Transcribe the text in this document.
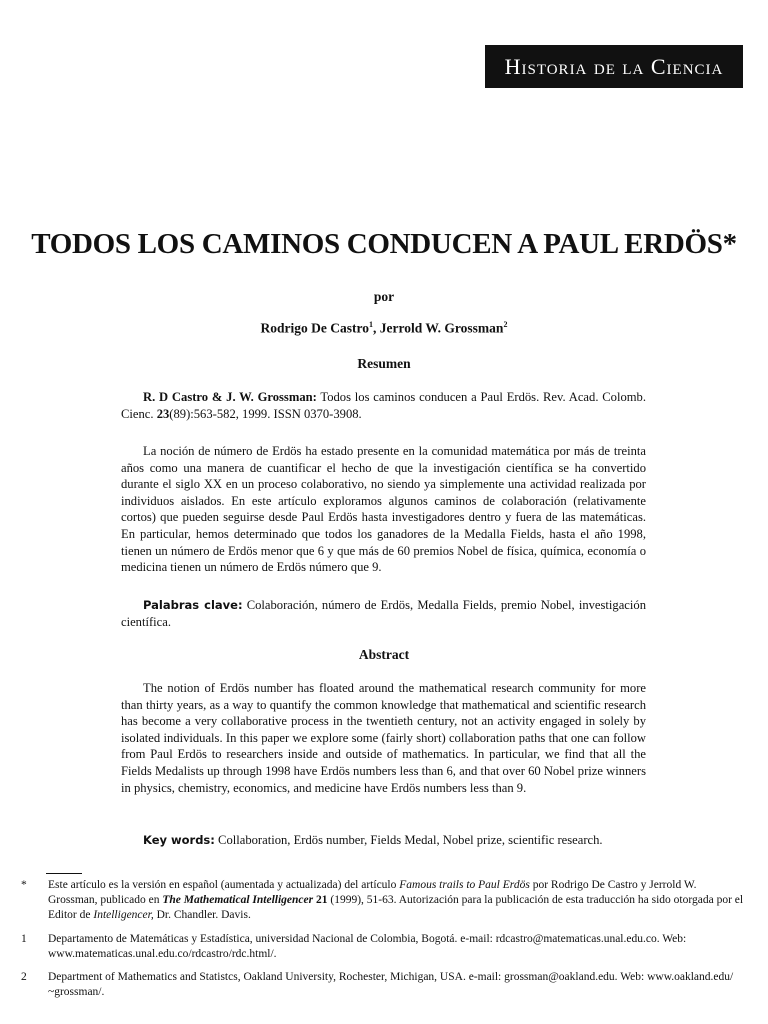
Historia de la Ciencia
TODOS LOS CAMINOS CONDUCEN A PAUL ERDÖS*
por
Rodrigo De Castro$^1$, Jerrold W. Grossman$^2$
Resumen

R. D Castro & J. W. Grossman: Todos los caminos conducen a Paul Erdös. Rev. Acad. Colomb. Cienc. 23(89):563-582, 1999. ISSN 0370-3908.

La noción de número de Erdös ha estado presente en la comunidad matemática por más de treinta años como una manera de cuantificar el hecho de que la investigación científica se ha convertido durante el siglo XX en un proceso colaborativo, no siendo ya simplemente una actividad realizada por individuos aislados. En este artículo exploramos algunos caminos de colaboración (relativamente cortos) que pueden seguirse desde Paul Erdös hasta investigadores dentro y fuera de las matemáticas. En particular, hemos determinado que todos los ganadores de la Medalla Fields, hasta el año 1998, tienen un número de Erdös menor que 6 y que más de 60 premios Nobel de física, química, economía o medicina tienen un número de Erdös número que 9.

Palabras clave: Colaboración, número de Erdös, Medalla Fields, premio Nobel, investigación científica.

Abstract

The notion of Erdös number has floated around the mathematical research community for more than thirty years, as a way to quantify the common knowledge that mathematical and scientific research has become a very collaborative process in the twentieth century, not an activity engaged in solely by isolated individuals. In this paper we explore some (fairly short) collaboration paths that one can follow from Paul Erdös to researchers inside and outside of mathematics. In particular, we find that all the Fields Medalists up through 1998 have Erdös numbers less than 6, and that over 60 Nobel prize winners in physics, chemistry, economics, and medicine have Erdös numbers less than 9.

Key words: Collaboration, Erdös number, Fields Medal, Nobel prize, scientific research.

*	Este artículo es la versión en español (aumentada y actualizada) del artículo Famous trails to Paul Erdös por Rodrigo De Castro y Jerrold W. Grossman, publicado en The Mathematical Intelligencer 21 (1999), 51-63. Autorización para la publicación de esta traducción ha sido otorgada por el Editor de Intelligencer, Dr. Chandler. Davis.
1	Departamento de Matemáticas y Estadística, universidad Nacional de Colombia, Bogotá. e-mail: rdcastro@matematicas.unal.edu.co. Web: www.matematicas.unal.edu.co/rdcastro/rdc.html/.
2	Department of Mathematics and Statistcs, Oakland University, Rochester, Michigan, USA. e-mail: grossman@oakland.edu. Web: www.oakland.edu/ ~grossman/.
